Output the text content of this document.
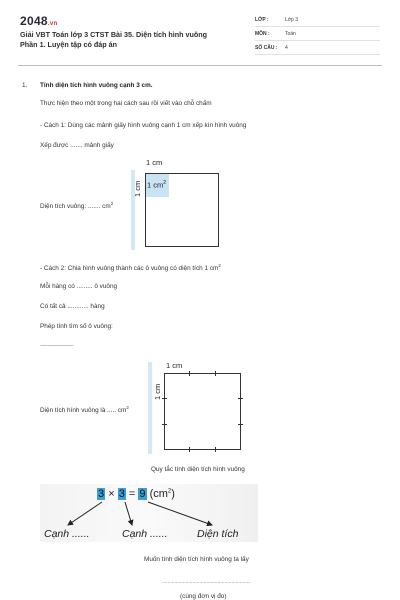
2048.vn
Giải VBT Toán lớp 3 CTST Bài 35. Diện tích hình vuông
Phần 1. Luyện tập có đáp án
LỚP :	Lớp 3
MÔN :	Toán
SỐ CÂU : 4
1. Tính diện tích hình vuông cạnh 3 cm.
Thực hiện theo một trong hai cách sau rồi viết vào chỗ chấm
- Cách 1: Dùng các mảnh giấy hình vuông cạnh 1 cm xếp kín hình vuông
Xếp được ....... mảnh giấy
1 cm
1 cm 1 $cm^2$
Diện tích vuông: ....... $cm^2$
- Cách 2: Chia hình vuông thành các ô vuông có diện tích 1 $cm^2$
Mỗi hàng có ......... ô vuông
Có tất cả ............ hàng
Phép tính tìm số ô vuông:
-------------------------------
1 cm
1 cm
Diện tích hình vuông là ..... $cm^2$
Quy tắc tính diện tích hình vuông
3 × 3 = 9 $(cm^2)$
Cạnh ......	Cạnh ......	Diện tích
Muốn tính diện tích hình vuông ta lấy
................................................................
(cùng đơn vị đo)
